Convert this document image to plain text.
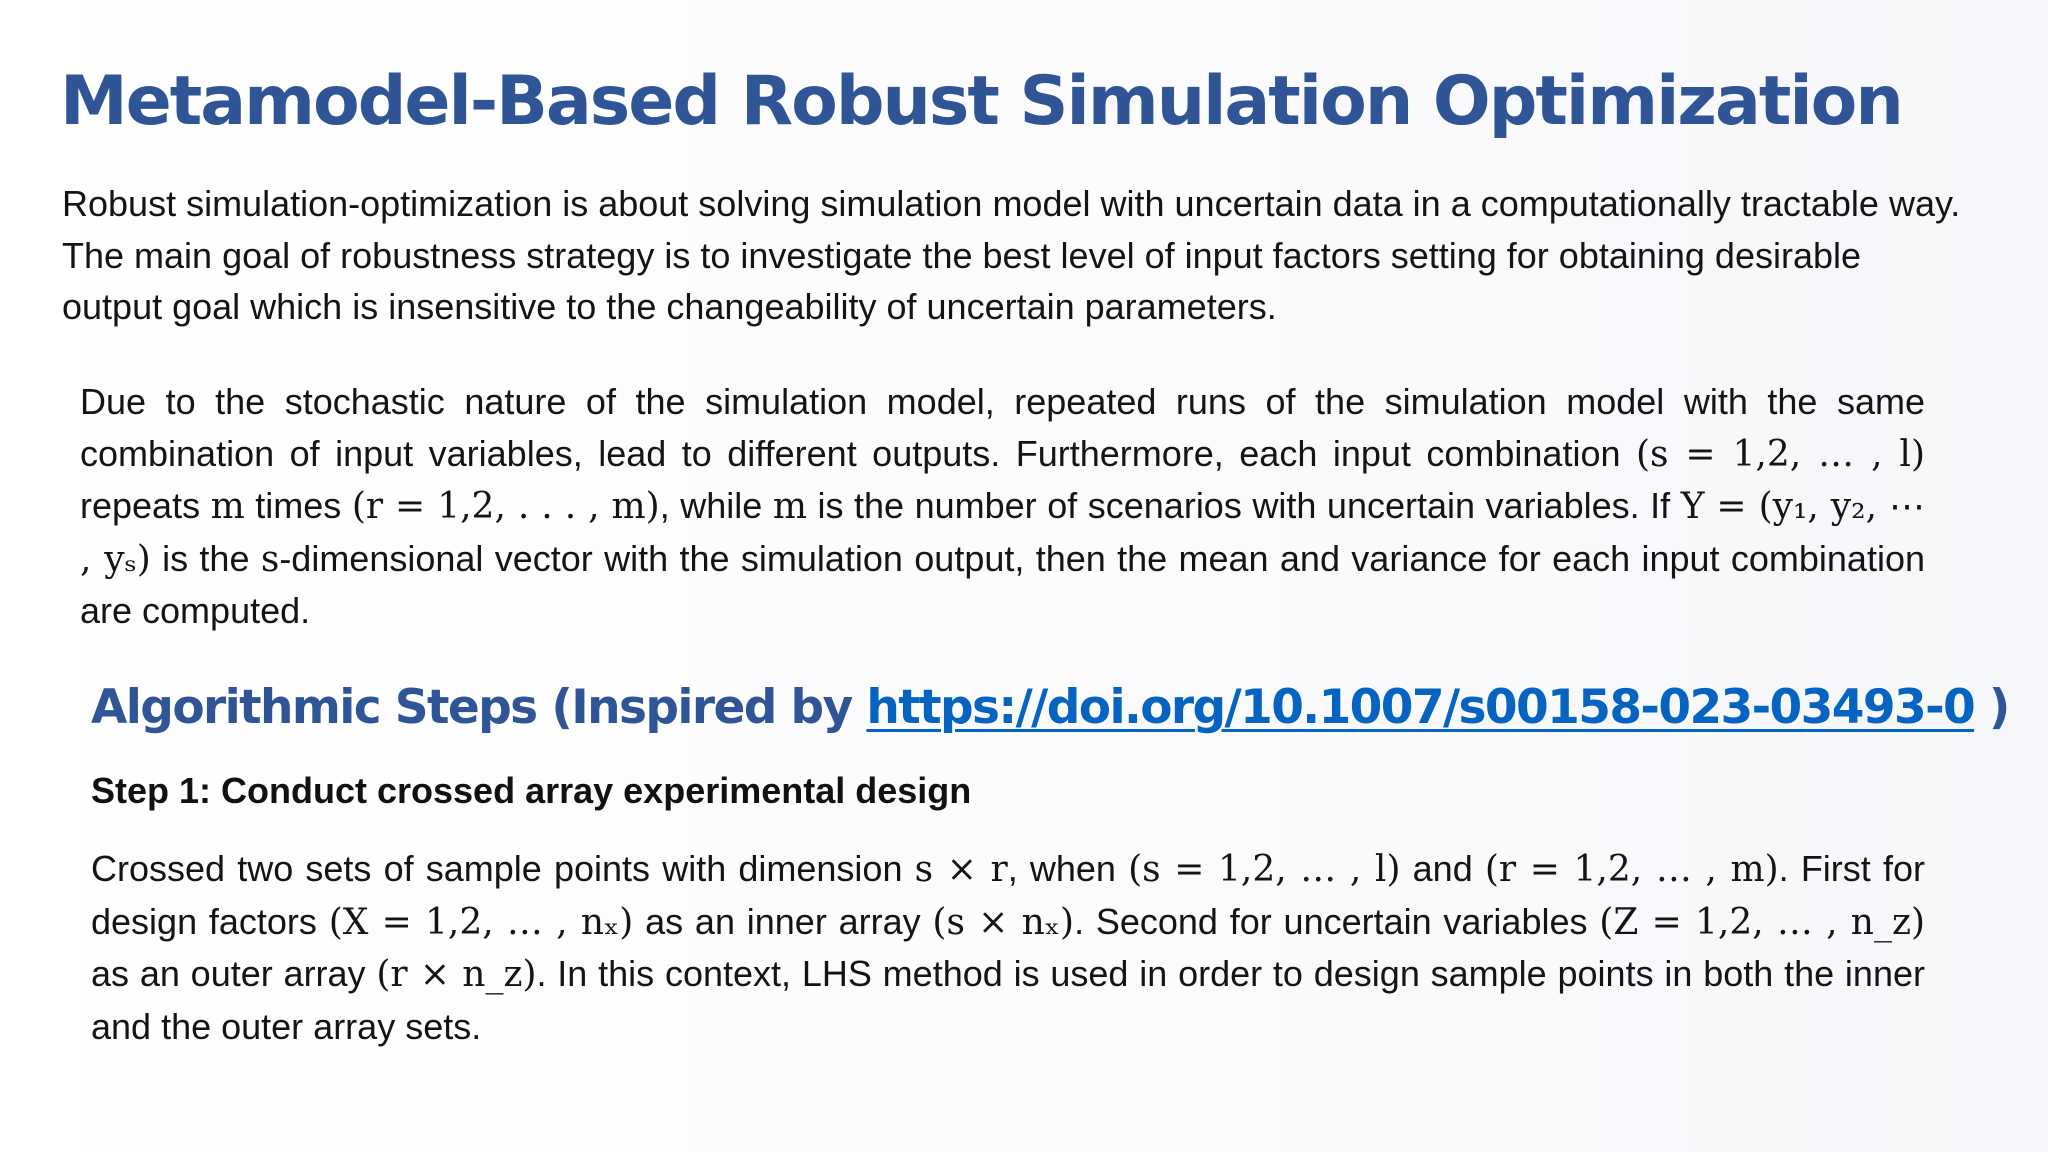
Metamodel-Based Robust Simulation Optimization

Robust simulation-optimization is about solving simulation model with uncertain data in a computationally tractable way. The main goal of robustness strategy is to investigate the best level of input factors setting for obtaining desirable output goal which is insensitive to the changeability of uncertain parameters.

Due to the stochastic nature of the simulation model, repeated runs of the simulation model with the same combination of input variables, lead to different outputs. Furthermore, each input combination (s = 1,2, … , l) repeats m times (r = 1,2, . . . , m), while m is the number of scenarios with uncertain variables. If Y = (y₁, y₂, ⋯ , yₛ) is the s-dimensional vector with the simulation output, then the mean and variance for each input combination are computed.

Algorithmic Steps (Inspired by https://doi.org/10.1007/s00158-023-03493-0 )

Step 1: Conduct crossed array experimental design

Crossed two sets of sample points with dimension s × r, when (s = 1,2, … , l) and (r = 1,2, … , m). First for design factors (X = 1,2, … , nₓ) as an inner array (s × nₓ). Second for uncertain variables (Z = 1,2, … , n_z) as an outer array (r × n_z). In this context, LHS method is used in order to design sample points in both the inner and the outer array sets.
